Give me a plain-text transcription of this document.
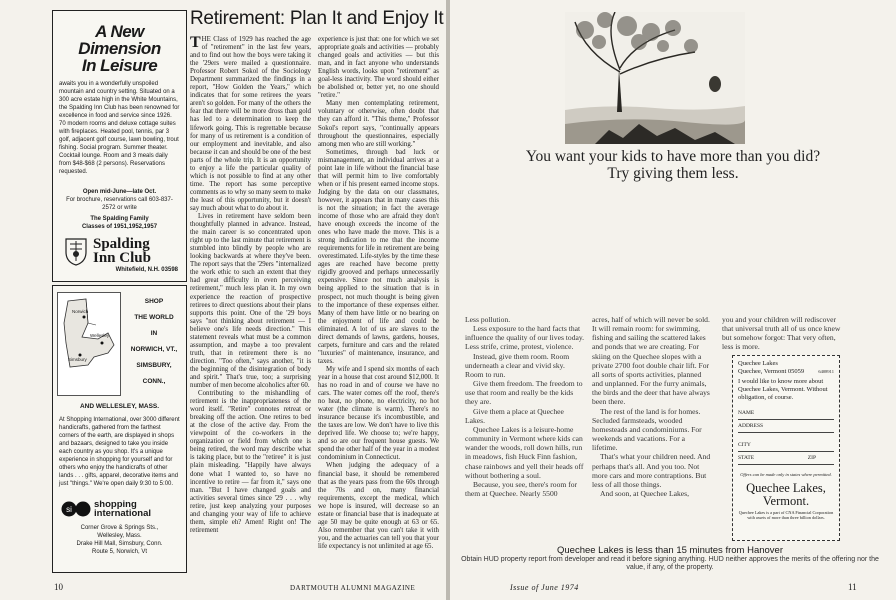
A New
Dimension
In Leisure
awaits you in a wonderfully unspoiled mountain and country setting. Situated on a 300 acre estate high in the White Mountains, the Spalding Inn Club has been renowned for excellence in food and service since 1926. 70 modern rooms and deluxe cottage suites with fireplaces. Heated pool, tennis, par 3 golf, adjacent golf course, lawn bowling, trout fishing. Social program. Summer theater. Cocktail lounge. Room and 3 meals daily from $48-$68 (2 persons). Reservations requested.
Open mid-June—late Oct.
For brochure, reservations call 603-837-2572 or write
The Spalding Family
Classes of 1951,1952,1957
Spalding
Inn Club
Whitefield, N.H. 03598
Norwich
Simsbury
Wellesley
SHOP
THE WORLD
IN
NORWICH, VT.,
SIMSBURY,
CONN.,
AND WELLESLEY, MASS.
At Shopping International, over 3000 different handicrafts, gathered from the farthest corners of the earth, are displayed in shops and bazaars, designed to take you inside each country as you shop. It's a unique experience in shopping for yourself and for others who enjoy the handicrafts of other lands . . . gifts, apparel, decorative items and just "things." We're open daily 9:30 to 5:00.
si shopping
international
Corner Grove & Springs Sts.,
Wellesley, Mass.
Drake Hill Mall, Simsbury, Conn.
Route 5, Norwich, Vt
Retirement: Plan It and Enjoy It

THE Class of 1929 has reached the age of "retirement" in the last few years, and to find out how the boys were taking it the '29ers were mailed a questionnaire. Professor Robert Sokol of the Sociology Department summarized the findings in a report, "How Golden the Years," which indicates that for some retirees the years aren't so golden. For many of the others the fear that there will be more dross than gold has led to a determination to keep the lifework going. This is regrettable because for many of us retirement is a condition of our employment and inevitable, and also because it can and should be one of the best parts of the whole trip. It is an opportunity to enjoy a life the particular quality of which is not possible to find at any other time. The report has some perceptive comments as to why so many seem to make the least of this opportunity, but it doesn't say much about what to do about it.

Lives in retirement have seldom been thoughtfully planned in advance. Instead, the main career is so concentrated upon right up to the last minute that retirement is stumbled into blindly by people who are looking backwards at where they've been. The report says that the '29ers "internalized the work ethic to such an extent that they had great difficulty in even perceiving retirement," much less plan it. In my own experience the reaction of prospective retirees to direct questions about their plans supports this point. One of the '29 boys says "not thinking about retirement — I believe one's life needs direction." This statement reveals what must be a common assumption, and maybe a too prevalent truth, that in retirement there is no direction. "Too often," says another, "it is the beginning of the disintegration of body and spirit." That's true, too; a surprising number of men become alcoholics after 60.

Contributing to the mishandling of retirement is the inappropriateness of the word itself. "Retire" connotes retreat or breaking off the action. One retires to bed at the close of the active day. From the viewpoint of the co-workers in the organization or field from which one is being retired, the word may describe what is taking place, but to the "retiree" it is just plain misleading. "Happily have always done what I wanted to, so have no incentive to retire — far from it," says one man. "But I have changed goals and activities several times since '29 . . . why retire, just keep analyzing your purposes and changing your way of life to achieve them, simple eh? Amen! Right on! The retirement

experience is just that: one for which we set appropriate goals and activities — probably changed goals and activities — but this man, and in fact anyone who understands English words, looks upon "retirement" as goal-less inactivity. The word should either be abolished or, better yet, no one should "retire."

Many men contemplating retirement, voluntary or otherwise, often doubt that they can afford it. "This theme," Professor Sokol's report says, "continually appears throughout the questionnaires, especially among men who are still working."

Sometimes, through bad luck or mismanagement, an individual arrives at a point late in life without the financial base that will permit him to live comfortably when or if his present earned income stops. Judging by the data on our classmates, however, it appears that in many cases this is not the situation; in fact the average income of those who are afraid they don't have enough exceeds the income of the ones who have made the move. This is a strong indication to me that the income requirements for life in retirement are being overestimated. Life-styles by the time these ages are reached have become pretty rigidly grooved and perhaps unnecessarily expensive. Since not much analysis is being applied to the situation that is in prospect, not much thought is being given to the importance of these expenses either. Many of them have little or no bearing on the enjoyment of life and could be eliminated. A lot of us are slaves to the direct demands of lawns, gardens, houses, carpets, furniture and cars and the related "luxuries" of maintenance, insurance, and taxes.

My wife and I spend six months of each year in a house that cost around $12,000. It has no road in and of course we have no cars. The water comes off the roof, there's no heat, no phone, no electricity, no hot water (the climate is warm). There's no insurance because it's incombustible, and the taxes are low. We don't have to live this deprived life. We choose to; we're happy, and so are our frequent house guests. We spend the other half of the year in a modest condominium in Connecticut.

When judging the adequacy of a financial base, it should be remembered that as the years pass from the 60s through the 70s and on, many financial requirements, except the medical, which we hope is insured, will decrease so an estate or financial base that is inadequate at age 50 may be quite enough at 63 or 65. Also remember that you can't take it with you, and the actuaries can tell you that your life expectancy is not unlimited at age 65.

10	DARTMOUTH ALUMNI MAGAZINE
You want your kids to have more than you did?
Try giving them less.

Less pollution.

Less exposure to the hard facts that influence the quality of our lives today. Less strife, crime, protest, violence.

Instead, give them room. Room underneath a clear and vivid sky. Room to run.

Give them freedom. The freedom to use that room and really be the kids they are.

Give them a place at Quechee Lakes.

Quechee Lakes is a leisure-home community in Vermont where kids can wander the woods, roll down hills, run in meadows, fish Huck Finn fashion, chase rainbows and yell their heads off without bothering a soul.

Because, you see, there's room for them at Quechee. Nearly 5500

acres, half of which will never be sold. It will remain room: for swimming, fishing and sailing the scattered lakes and ponds that we are creating. For skiing on the Quechee slopes with a private 2700 foot double chair lift. For all sorts of sports activities, planned and unplanned. For the furry animals, the birds and the deer that have always been there.

The rest of the land is for homes. Secluded farmsteads, wooded homesteads and condominiums. For weekends and vacations. For a lifetime.

That's what your children need. And perhaps that's all. And you too. Not more cars and more contraptions. But less of all those things.

And soon, at Quechee Lakes,

you and your children will rediscover that universal truth all of us once knew but somehow forgot: That very often, less is more.

Quechee Lakes
Quechee, Vermont 05059	6408911
I would like to know more about Quechee Lakes, Vermont. Without obligation, of course.
NAME
ADDRESS
CITY
STATE	ZIP
Offers can be made only in states where permitted.
Quechee Lakes,
Vermont.
Quechee Lakes is a part of CNA Financial Corporation with assets of more than three billion dollars.
Quechee Lakes is less than 15 minutes from Hanover
Obtain HUD property report from developer and read it before signing anything. HUD neither approves the merits of the offering nor the value, if any, of the property.
Issue of June 1974	11
